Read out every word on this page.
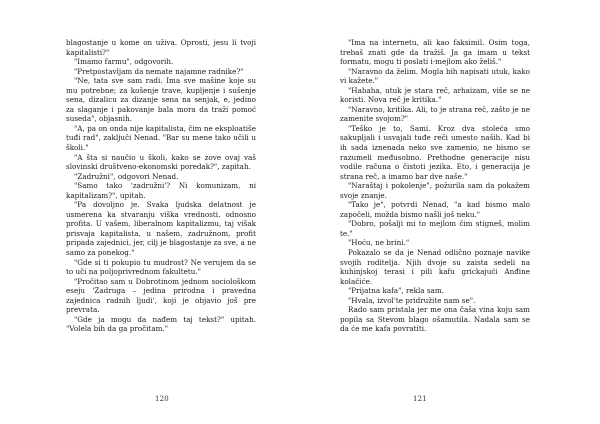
blagostanje u kome on uživa. Oprosti, jesu li tvoji kapitalisti?"

"Imamo farmu", odgovorih.

"Pretpostavljam da nemate najamne radnike?"

"Ne, tata sve sam radi. Ima sve mašine koje su mu potrebne; za košenje trave, kupljenje i sušenje sena, dizalicu za dizanje sena na senjak, e, jedino za slaganje i pakovanje bala mora da traži pomoć suseda", objasnih.

"A, pa on onda nije kapitalista, čim ne eksploatiše tuđi rad", zaključi Nenad. "Bar su mene tako učili u školi."

"A šta si naučio u školi, kako se zove ovaj vaš slovinski društveno-ekonomski poredak?", zapitah.

"Zadružni", odgovori Nenad.

"Samo tako 'zadružni'? Ni komunizam, ni kapitalizam?", upitah.

"Pa dovoljno je. Svaka ljudska delatnost je usmerena ka stvaranju viška vrednosti, odnosno profita. U vašem, liberalnom kapitalizmu, taj višak prisvaja kapitalista, u našem, zadružnom, profit pripada zajednici, jer, cilj je blagostanje za sve, a ne samo za ponekog."

"Gde si ti pokupio tu mudrost? Ne verujem da se to uči na poljoprivrednom fakultetu."

"Pročitao sam u Dobrotinom jednom sociološkom eseju 'Zadruga – jedina prirodna i pravedna zajednica radnih ljudi', koji je objavio još pre prevrata.

"Gde ja mogu da nađem taj tekst?" upitah. "Volela bih da ga pročitam."

120

"Ima na internetu, ali kao faksimil. Osim toga, trebaš znati gde da tražiš. Ja ga imam u tekst formatu, mogu ti poslati i-mejlom ako želiš."

"Naravno da želim. Mogla bih napisati utuk, kako vi kažete."

"Hahaha, utuk je stara reč, arhaizam, više se ne koristi. Nova reč je kritika."

"Naravno, kritika. Ali, to je strana reč, zašto je ne zamenite svojom?"

"Teško je to, Sami. Kroz dva stoleća smo sakupljali i usvajali tuđe reči umesto naših. Kad bi ih sada iznenada neko sve zamenio, ne bismo se razumeli međusobno. Prethodne generacije nisu vodile računa o čistoti jezika. Eto, i generacija je strana reč, a imamo bar dve naše."

"Naraštaj i pokolenje", požurila sam da pokažem svoje znanje.

"Tako je", potvrdi Nenad, "a kad bismo malo započeli, možda bismo našli još neku."

"Dobro, pošalji mi to mejlom čim stigneš, molim te."

"Hoću, ne brini."

Pokazalo se da je Nenad odlično poznaje navike svojih roditelja. Njih dvoje su zaista sedeli na kuhinjskoj terasi i pili kafu grickajući Anđine kolačiće.

"Prijatna kafa", rekla sam.

"Hvala, izvol'te pridružite nam se".

Rado sam pristala jer me ona čaša vina koju sam popila sa Stevom blago ošamutila. Nadala sam se da će me kafa povratiti.

121
